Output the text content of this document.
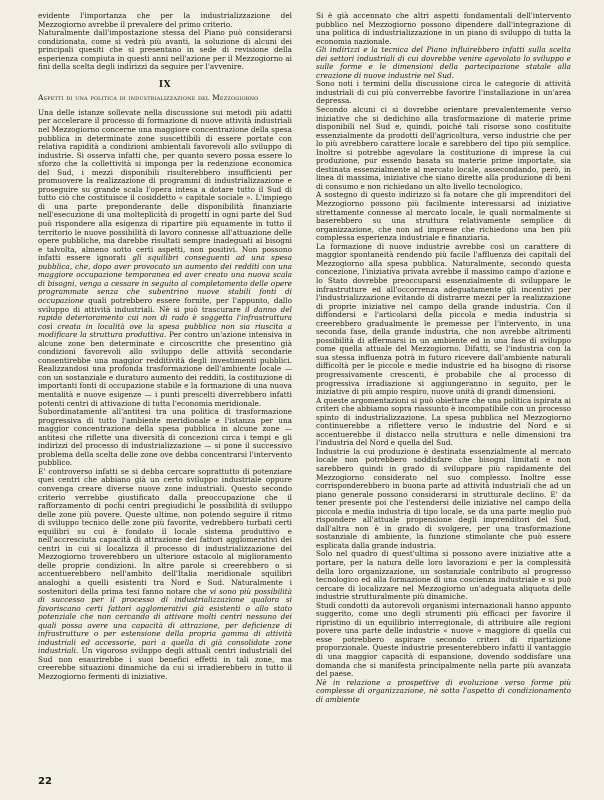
evidente l'importanza che per la industrializzazione del Mezzogiorno avrebbe il prevalere del primo criterio.

Naturalmente dall'impostazione stessa del Piano può considerarsi condizionata, come si vedrà più avanti, la soluzione di alcuni dei principali quesiti che si presentano in sede di revisione della esperienza compiuta in questi anni nell'azione per il Mezzogiorno ai fini della scelta degli indirizzi da seguire per l'avvenire.

IX
Aspetti di una politica di industrializzazione del Mezzogiorno

Una delle istanze sollevate nella discussione sui metodi più adatti per accelerare il processo di formazione di nuove attività industriali nel Mezzogiorno concerne una maggiore concentrazione della spesa pubblica in determinate zone suscettibili di essere portate con relativa rapidità a condizioni ambientali favorevoli allo sviluppo di industrie. Si osserva infatti che, per quanto severo possa essere lo sforzo che la collettività si imponga per la redenzione economica del Sud, i mezzi disponibili risulterebbero insufficienti per promuovere la realizzazione di programmi di industrializzazione e proseguire su grande scala l'opera intesa a dotare tutto il Sud di tutto ciò che costituisce il cosiddetto « capitale sociale ». L'impiego di una parte preponderante delle disponibilità finanziarie nell'esecuzione di una molteplicità di progetti in ogni parte del Sud può rispondere alla esigenza di ripartire più equamente in tutto il territorio le nuove possibilità di lavoro connesse all'attuazione delle opere pubbliche, ma darebbe risultati sempre inadeguati ai bisogni e talvolta, almeno sotto certi aspetti, non positivi. Non possono infatti essere ignorati gli squilibri conseguenti ad una spesa pubblica, che, dopo aver provocato un aumento dei redditi con una maggiore occupazione temporanea ed aver creato una nuova scala di bisogni, venga a cessare in seguito al completamento delle opere programmate senza che subentrino nuove stabili fonti di occupazione quali potrebbero essere fornite, per l'appunto, dallo sviluppo di attività industriali. Nè si può trascurare il danno del rapido deterioramento cui non di rado è soggetta l'infrastruttura così creata in località ove la spesa pubblica non sia riuscita a modificare la struttura produttiva. Per contro un'azione intensiva in alcune zone ben determinate e circoscritte che presentino già condizioni favorevoli allo sviluppo delle attività secondarie consentirebbe una maggior redditività degli investimenti pubblici. Realizzandosi una profonda trasformazione dell'ambiente locale — con un sostanziale e duraturo aumento dei redditi, la costituzione di importanti fonti di occupazione stabile e la formazione di una nuova mentalità e nuove esigenze — i punti prescelti diverrebbero infatti potenti centri di attivazione di tutta l'economia meridionale.

Subordinatamente all'antitesi tra una politica di trasformazione progressiva di tutto l'ambiente meridionale e l'istanza per una maggior concentrazione della spesa pubblica in alcune zone — antitesi che riflette una diversità di concezioni circa i tempi e gli indirizzi del processo di industrializzazione — si pone il successivo problema della scelta delle zone ove debba concentrarsi l'intervento pubblico.

E' controverso infatti se si debba cercare soprattutto di potenziare quei centri che abbiano già un certo sviluppo industriale oppure convenga creare diverse nuove zone industriali. Questo secondo criterio verrebbe giustificato dalla preoccupazione che il rafforzamento di pochi centri pregiudichi le possibilità di sviluppo delle zone più povere. Queste ultime, non potendo seguire il ritmo di sviluppo tecnico delle zone più favorite, vedrebbero turbati certi equilibri su cui è fondato il locale sistema produttivo e nell'accresciuta capacità di attrazione dei fattori agglomerativi dei centri in cui si localizza il processo di industrializzazione del Mezzogiorno troverebbero un ulteriore ostacolo al miglioramento delle proprie condizioni. In altre parole si creerebbero o si accentuerebbero nell'ambito dell'Italia meridionale squilibri analoghi a quelli esistenti tra Nord e Sud. Naturalmente i sostenitori della prima tesi fanno notare che vi sono più possibilità di successo per il processo di industrializzazione qualora si favoriscano certi fattori agglomerativi già esistenti o allo stato potenziale che non cercando di attivare molti centri nessuno dei quali possa avere una capacità di attrazione, per deficienze di infrastrutture o per estensione della propria gamma di attività industriali ed accessorie, pari a quella di già consolidate zone industriali. Un vigoroso sviluppo degli attuali centri industriali del Sud non esaurirebbe i suoi benefici effetti in tali zone, ma creerebbe situazioni dinamiche da cui si irradierebbero in tutto il Mezzogiorno fermenti di iniziative.

Si è già accennato che altri aspetti fondamentali dell'intervento pubblico nel Mezzogiorno possono dipendere dall'integrazione di una politica di industrializzazione in un piano di sviluppo di tutta la economia nazionale.

Gli indirizzi e la tecnica del Piano influirebbero infatti sulla scelta dei settori industriali di cui dovrebbe venire agevolato lo sviluppo e sulle forme e le dimensioni della partecipazione statale alla creazione di nuove industrie nel Sud.

Sono noti i termini della discussione circa le categorie di attività industriali di cui più converrebbe favorire l'installazione in un'area depressa.

Secondo alcuni ci si dovrebbe orientare prevalentemente verso iniziative che si dedichino alla trasformazione di materie prime disponibili nel Sud e, quindi, poiché tali risorse sono costituite essenzialmente da prodotti dell'agricoltura, verso industrie che per lo più avrebbero carattere locale e sarebbero del tipo più semplice. Inoltre si potrebbe agevolare la costituzione di imprese la cui produzione, pur essendo basata su materie prime importate, sia destinata essenzialmente al mercato locale, assecondando, però, in linea di massima, iniziative che siano dirette alla produzione di beni di consumo e non richiedano un alto livello tecnologico.

A sostegno di questo indirizzo si fa notare che gli imprenditori del Mezzogiorno possono più facilmente interessarsi ad iniziative strettamente connesse al mercato locale, le quali normalmente si baserebbero su una struttura relativamente semplice di organizzazione, che non ad imprese che richiedono una ben più complessa esperienza industriale e finanziaria.

La formazione di nuove industrie avrebbe così un carattere di maggior spontaneità rendendo più facile l'affluenza dei capitali del Mezzogiorno alla spesa pubblica. Naturalmente, secondo questa concezione, l'iniziativa privata avrebbe il massimo campo d'azione e lo Stato dovrebbe preoccuparsi essenzialmente di sviluppare le infrastrutture ed all'occorrenza adeguatamente gli incentivi per l'industrializzazione evitando di distrarre mezzi per la realizzazione di proprie iniziative nel campo della grande industria. Con il diffondersi e l'articolarsi della piccola e media industria si creerebbero gradualmente le premesse per l'intervento, in una seconda fase, della grande industria, che non avrebbe altrimenti possibilità di affermarsi in un ambiente ed in una fase di sviluppo come quella attuale del Mezzogiorno. Difatti, se l'industria con la sua stessa influenza potrà in futuro ricevere dall'ambiente naturali difficoltà per le piccole e medie industrie ed ha bisogno di risorse progressivamente crescenti, è probabile che al processo di progressiva irradiazione si aggiungeranno in seguito, per le iniziative di più ampio respiro, nuove unità di grandi dimensioni.

A queste argomentazioni si può obiettare che una politica ispirata ai criteri che abbiamo sopra riassunto è incompatibile con un processo spinto di industrializzazione. La spesa pubblica nel Mezzogiorno continuerebbe a riflettere verso le industrie del Nord e si accentuerebbe il distacco nella struttura e nelle dimensioni tra l'industria del Nord e quella del Sud.

Industrie la cui produzione è destinata essenzialmente al mercato locale non potrebbero soddisfare che bisogni limitati e non sarebbero quindi in grado di sviluppare più rapidamente del Mezzogiorno considerato nel suo complesso. Inoltre esse corrisponderebbero in buona parte ad attività industriali che ad un piano generale possono considerarsi in strutturale declino. E' da tener presente poi che l'estendersi delle iniziative nel campo della piccola e media industria di tipo locale, se da una parte meglio può rispondere all'attuale propensione degli imprenditori del Sud, dall'altra non è in grado di svolgere, per una trasformazione sostanziale di ambiente, la funzione stimolante che può essere esplicata dalla grande industria.

Solo nel quadro di quest'ultima si possono avere iniziative atte a portare, per la natura delle loro lavorazioni e per la complessità della loro organizzazione, un sostanziale contributo al progresso tecnologico ed alla formazione di una coscienza industriale e si può cercare di localizzare nel Mezzogiorno un'adeguata aliquota delle industrie strutturalmente più dinamiche.

Studi condotti da autorevoli organismi internazionali hanno appunto suggerito, come uno degli strumenti più efficaci per favorire il ripristino di un equilibrio interregionale, di attribuire alle regioni povere una parte delle industrie « nuove » maggiore di quella cui esse potrebbero aspirare secondo criteri di ripartizione proporzionale. Queste industrie presenterebbero infatti il vantaggio di una maggior capacità di espansione, dovendo soddisfare una domanda che si manifesta principalmente nella parte più avanzata del paese.

Nè in relazione a prospettive di evoluzione verso forme più complesse di organizzazione, nè sotto l'aspetto di condizionamento di ambiente

22
